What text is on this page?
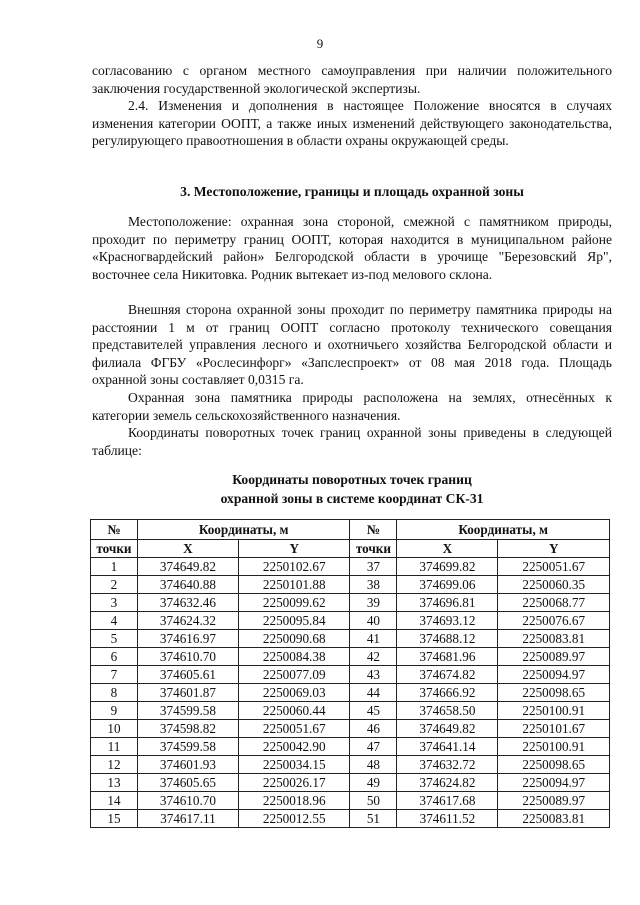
9

согласованию с органом местного самоуправления при наличии положительного заключения государственной экологической экспертизы.

2.4. Изменения и дополнения в настоящее Положение вносятся в случаях изменения категории ООПТ, а также иных изменений действующего законодательства, регулирующего правоотношения в области охраны окружающей среды.

3. Местоположение, границы и площадь охранной зоны

Местоположение: охранная зона стороной, смежной с памятником природы, проходит по периметру границ ООПТ, которая находится в муниципальном районе «Красногвардейский район» Белгородской области в урочище "Березовский Яр", восточнее села Никитовка. Родник вытекает из-под мелового склона.

Внешняя сторона охранной зоны проходит по периметру памятника природы на расстоянии 1 м от границ ООПТ согласно протоколу технического совещания представителей управления лесного и охотничьего хозяйства Белгородской области и филиала ФГБУ «Рослесинфорг» «Запслеспроект» от 08 мая 2018 года. Площадь охранной зоны составляет 0,0315 га.

Охранная зона памятника природы расположена на землях, отнесённых к категории земель сельскохозяйственного назначения.

Координаты поворотных точек границ охранной зоны приведены в следующей таблице:

Координаты поворотных точек границ
охранной зоны в системе координат СК-31
№	Координаты, м		№	Координаты, м	
точки	X	Y	точки	X	Y
1	374649.82	2250102.67	37	374699.82	2250051.67
2	374640.88	2250101.88	38	374699.06	2250060.35
3	374632.46	2250099.62	39	374696.81	2250068.77
4	374624.32	2250095.84	40	374693.12	2250076.67
5	374616.97	2250090.68	41	374688.12	2250083.81
6	374610.70	2250084.38	42	374681.96	2250089.97
7	374605.61	2250077.09	43	374674.82	2250094.97
8	374601.87	2250069.03	44	374666.92	2250098.65
9	374599.58	2250060.44	45	374658.50	2250100.91
10	374598.82	2250051.67	46	374649.82	2250101.67
11	374599.58	2250042.90	47	374641.14	2250100.91
12	374601.93	2250034.15	48	374632.72	2250098.65
13	374605.65	2250026.17	49	374624.82	2250094.97
14	374610.70	2250018.96	50	374617.68	2250089.97
15	374617.11	2250012.55	51	374611.52	2250083.81
